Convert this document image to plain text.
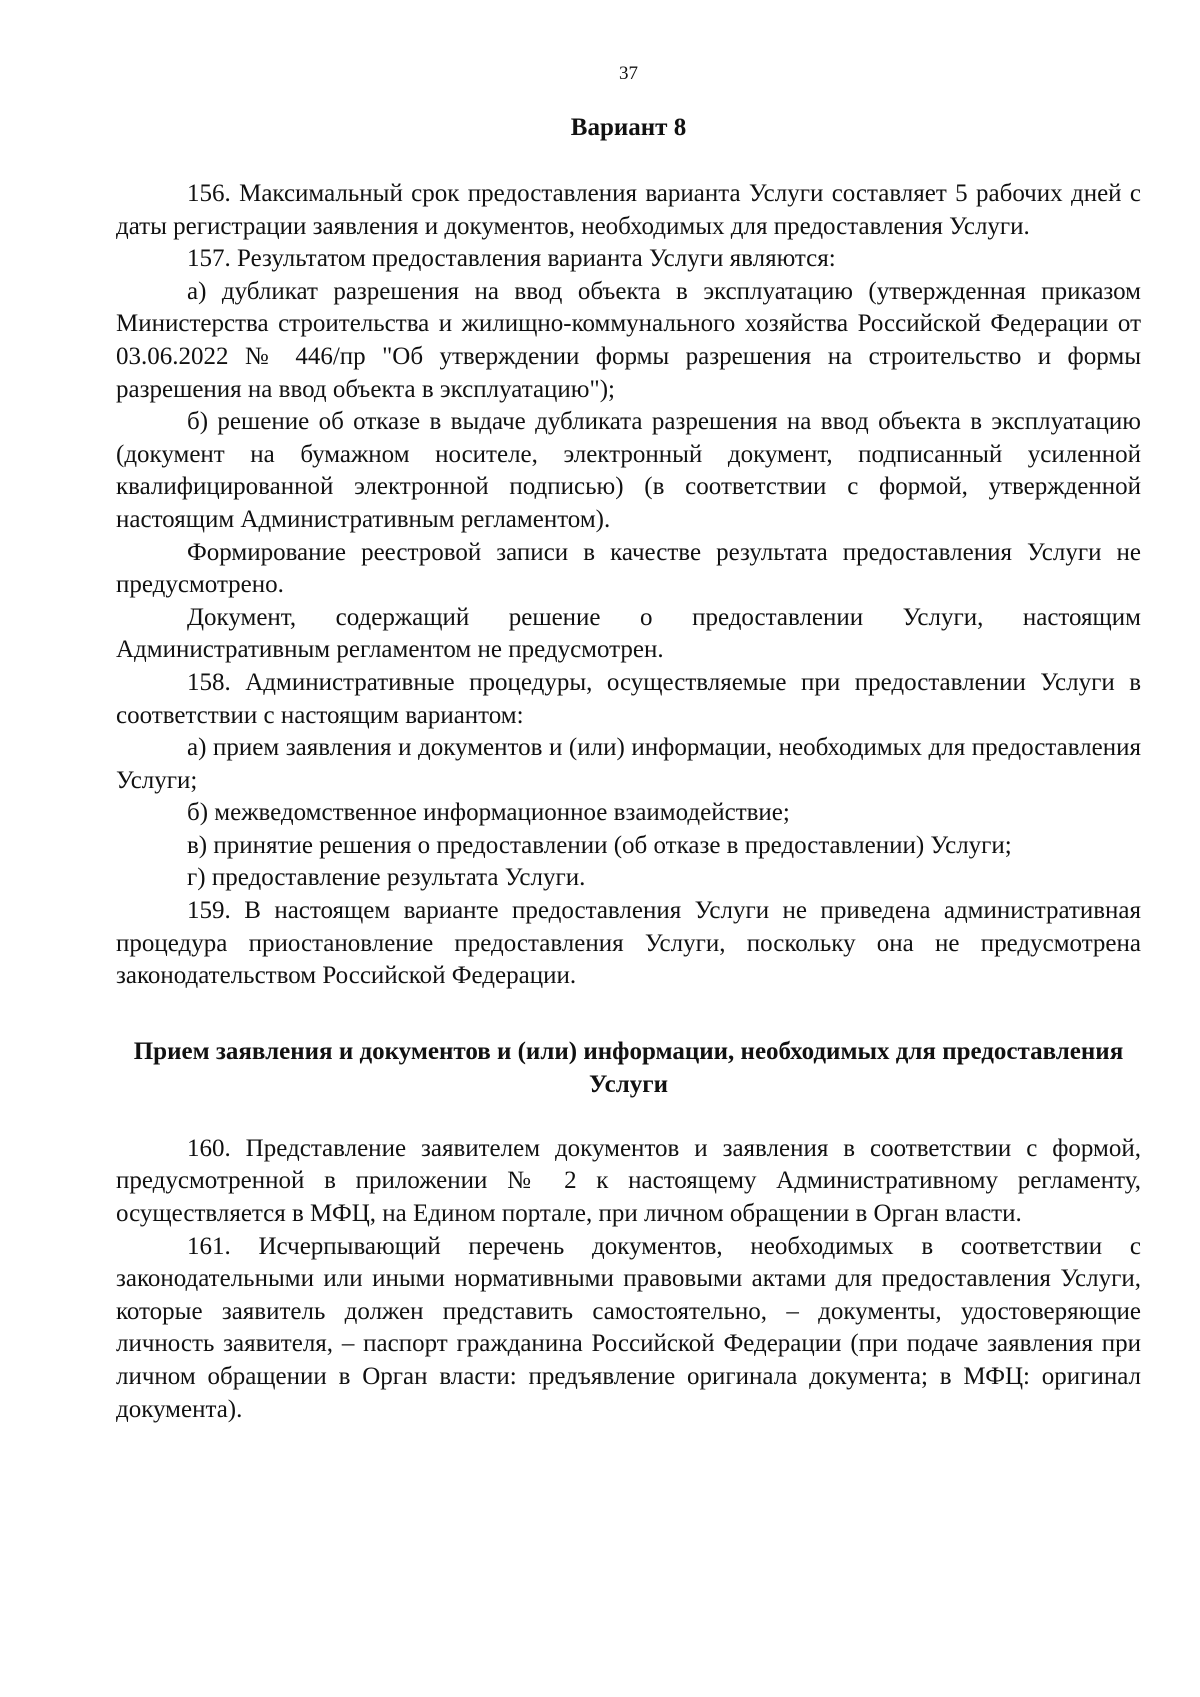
37
Вариант 8

156. Максимальный срок предоставления варианта Услуги составляет 5 рабочих дней с даты регистрации заявления и документов, необходимых для предоставления Услуги.

157. Результатом предоставления варианта Услуги являются:

а) дубликат разрешения на ввод объекта в эксплуатацию (утвержденная приказом Министерства строительства и жилищно-коммунального хозяйства Российской Федерации от 03.06.2022 № 446/пр "Об утверждении формы разрешения на строительство и формы разрешения на ввод объекта в эксплуатацию");

б) решение об отказе в выдаче дубликата разрешения на ввод объекта в эксплуатацию (документ на бумажном носителе, электронный документ, подписанный усиленной квалифицированной электронной подписью) (в соответствии с формой, утвержденной настоящим Административным регламентом).

Формирование реестровой записи в качестве результата предоставления Услуги не предусмотрено.

Документ, содержащий решение о предоставлении Услуги, настоящим Административным регламентом не предусмотрен.

158. Административные процедуры, осуществляемые при предоставлении Услуги в соответствии с настоящим вариантом:

а) прием заявления и документов и (или) информации, необходимых для предоставления Услуги;

б) межведомственное информационное взаимодействие;

в) принятие решения о предоставлении (об отказе в предоставлении) Услуги;

г) предоставление результата Услуги.

159. В настоящем варианте предоставления Услуги не приведена административная процедура приостановление предоставления Услуги, поскольку она не предусмотрена законодательством Российской Федерации.

Прием заявления и документов и (или) информации, необходимых для предоставления Услуги

160. Представление заявителем документов и заявления в соответствии с формой, предусмотренной в приложении № 2 к настоящему Административному регламенту, осуществляется в МФЦ, на Едином портале, при личном обращении в Орган власти.

161. Исчерпывающий перечень документов, необходимых в соответствии с законодательными или иными нормативными правовыми актами для предоставления Услуги, которые заявитель должен представить самостоятельно, – документы, удостоверяющие личность заявителя, – паспорт гражданина Российской Федерации (при подаче заявления при личном обращении в Орган власти: предъявление оригинала документа; в МФЦ: оригинал документа).
